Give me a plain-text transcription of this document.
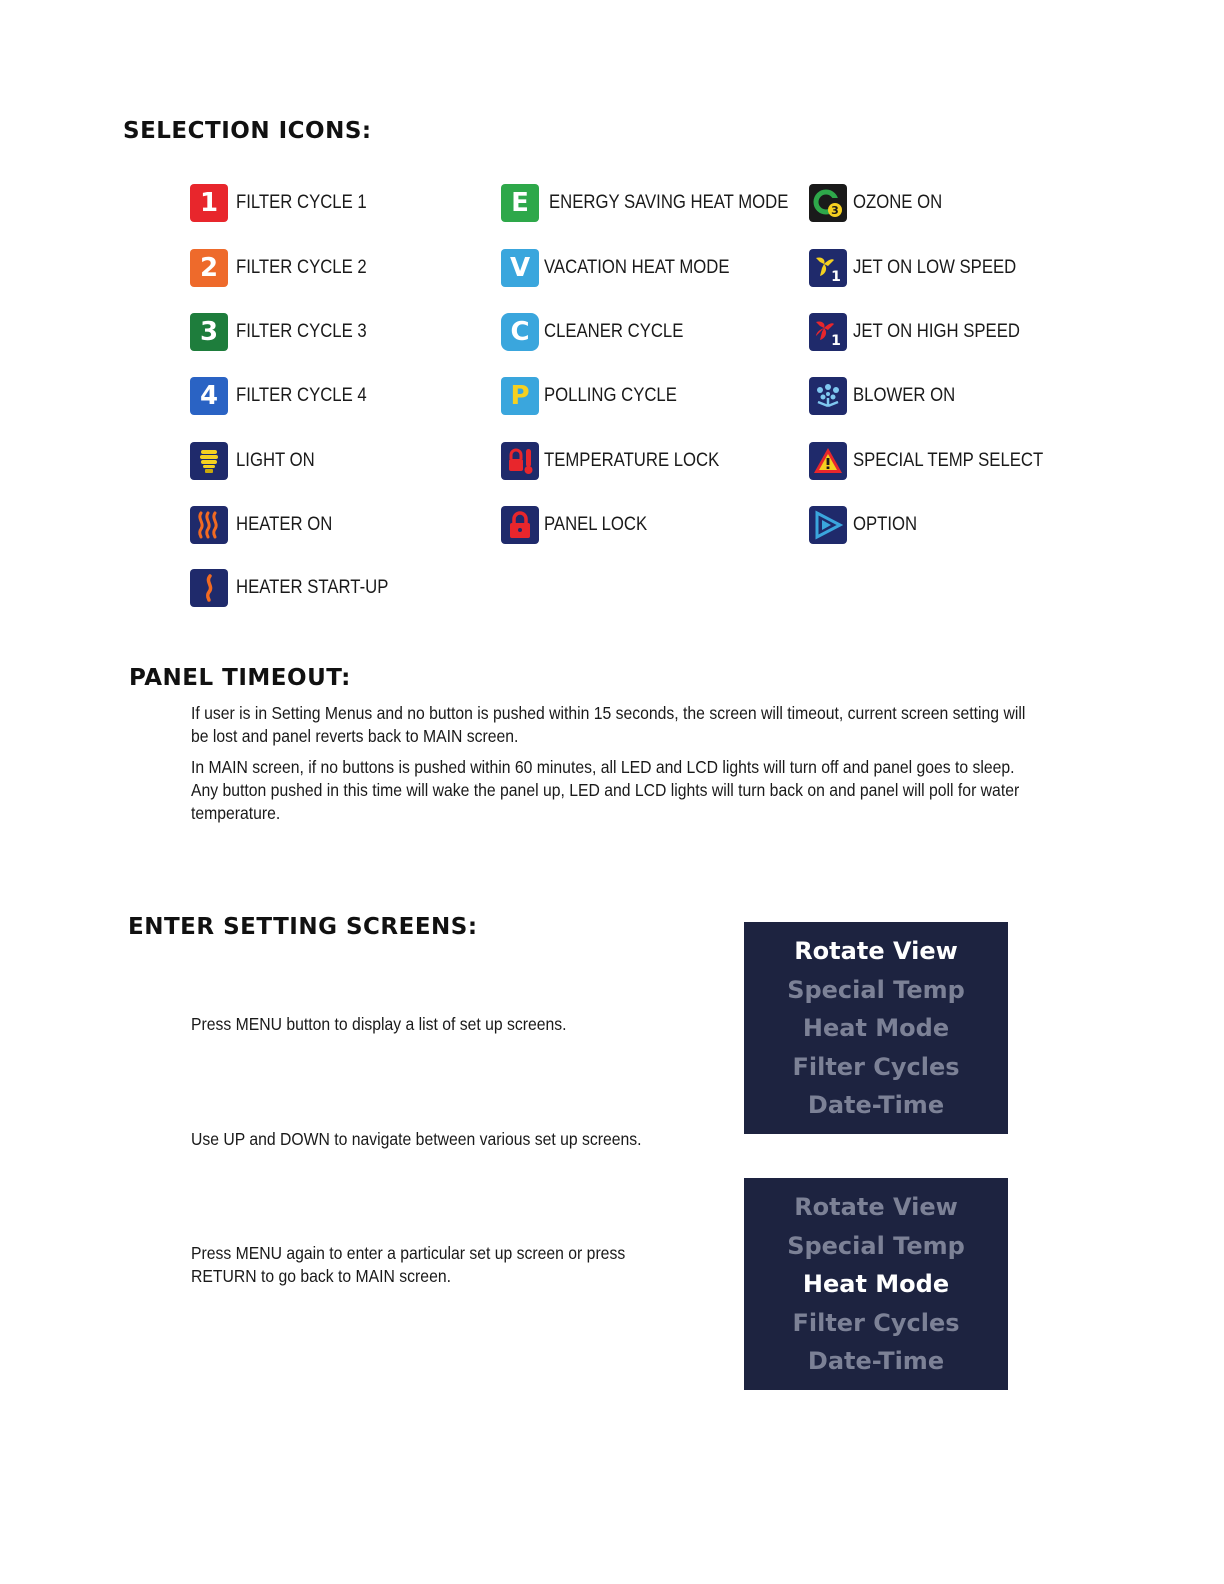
SELECTION ICONS:
1 FILTER CYCLE 1
2 FILTER CYCLE 2
3 FILTER CYCLE 3
4 FILTER CYCLE 4
LIGHT ON
HEATER ON
HEATER START-UP
E	ENERGY SAVING HEAT MODE
V VACATION HEAT MODE
C CLEANER CYCLE
P POLLING CYCLE
TEMPERATURE LOCK
PANEL LOCK
3 OZONE ON
1 JET ON LOW SPEED
1 JET ON HIGH SPEED
BLOWER ON
SPECIAL TEMP SELECT
OPTION
PANEL TIMEOUT:

If user is in Setting Menus and no button is pushed within 15 seconds, the screen will timeout, current screen setting will be lost and panel reverts back to MAIN screen.

In MAIN screen, if no buttons is pushed within 60 minutes, all LED and LCD lights will turn off and panel goes to sleep. Any button pushed in this time will wake the panel up, LED and LCD lights will turn back on and panel will poll for water temperature.

ENTER SETTING SCREENS:

Press MENU button to display a list of set up screens.

Use UP and DOWN to navigate between various set up screens.

Press MENU again to enter a particular set up screen or press RETURN to go back to MAIN screen.

Rotate View
Special Temp
Heat Mode
Filter Cycles
Date-Time
Rotate View
Special Temp
Heat Mode
Filter Cycles
Date-Time
